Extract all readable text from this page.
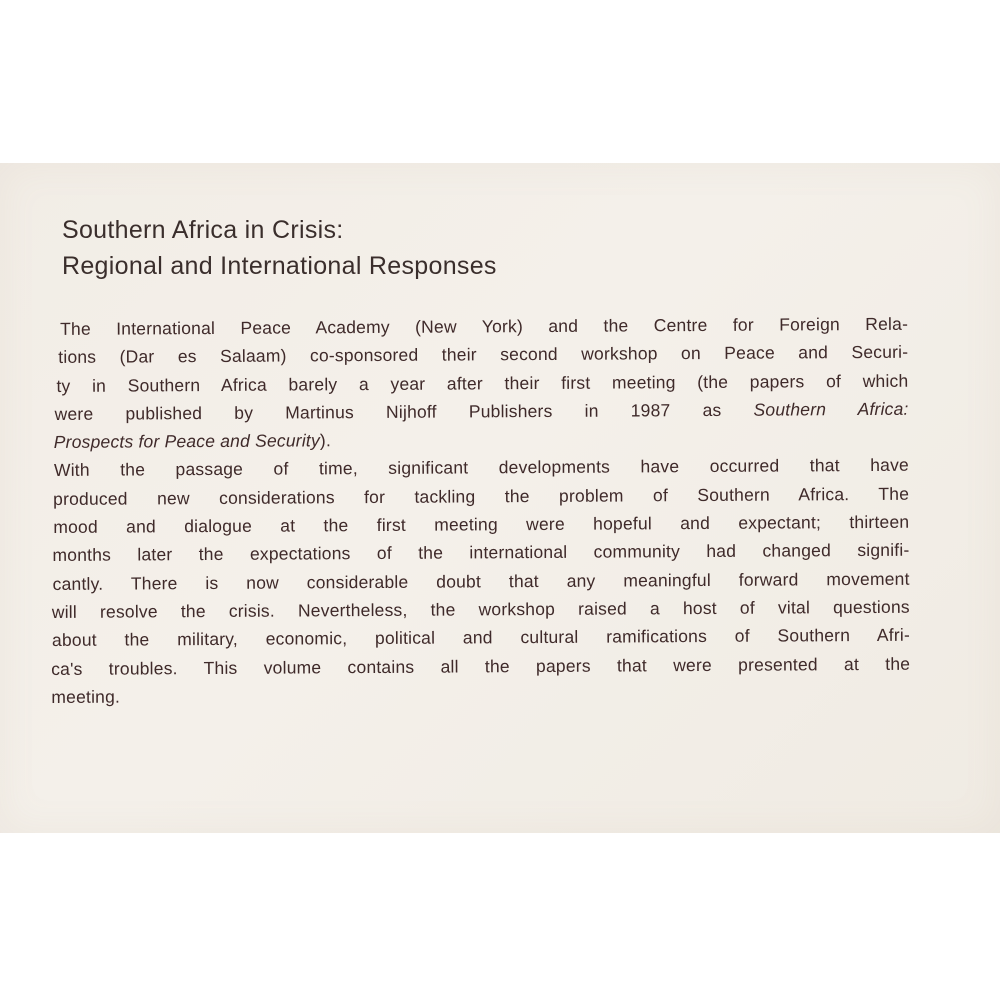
Southern Africa in Crisis:
Regional and International Responses
The International Peace Academy (New York) and the Centre for Foreign Rela-
tions (Dar es Salaam) co-sponsored their second workshop on Peace and Securi-
ty in Southern Africa barely a year after their first meeting (the papers of which
were published by Martinus Nijhoff Publishers in 1987 as Southern Africa:
Prospects for Peace and Security).
With the passage of time, significant developments have occurred that have
produced new considerations for tackling the problem of Southern Africa. The
mood and dialogue at the first meeting were hopeful and expectant; thirteen
months later the expectations of the international community had changed signifi-
cantly. There is now considerable doubt that any meaningful forward movement
will resolve the crisis. Nevertheless, the workshop raised a host of vital questions
about the military, economic, political and cultural ramifications of Southern Afri-
ca's troubles. This volume contains all the papers that were presented at the
meeting.
